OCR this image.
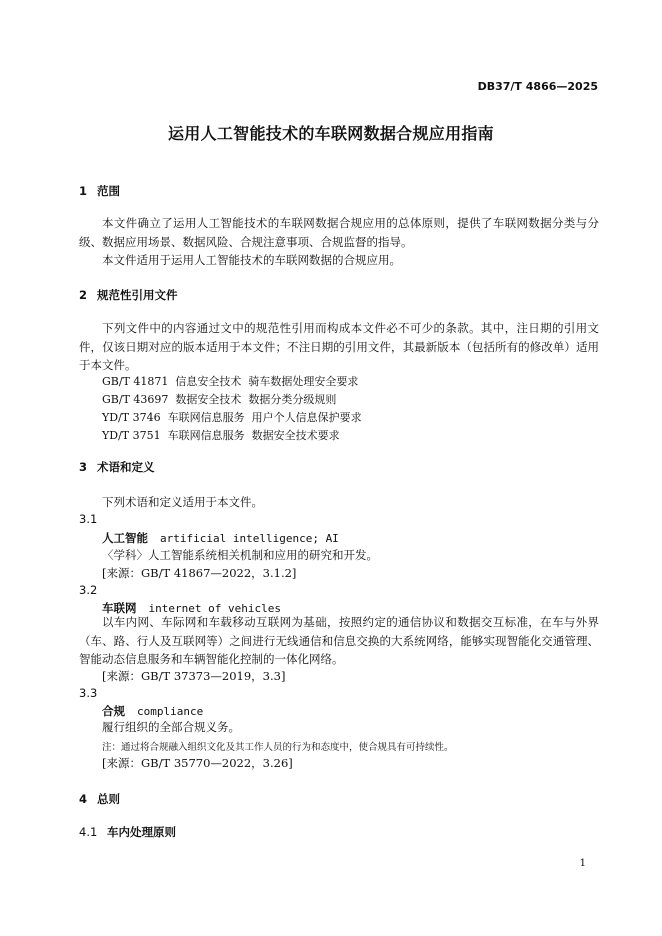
DB37/T 4866—2025
运用人工智能技术的车联网数据合规应用指南
1 范围
本文件确立了运用人工智能技术的车联网数据合规应用的总体原则，提供了车联网数据分类与分级、数据应用场景、数据风险、合规注意事项、合规监督的指导。
本文件适用于运用人工智能技术的车联网数据的合规应用。
2 规范性引用文件
下列文件中的内容通过文中的规范性引用而构成本文件必不可少的条款。其中，注日期的引用文件，仅该日期对应的版本适用于本文件；不注日期的引用文件，其最新版本（包括所有的修改单）适用于本文件。
GB/T 41871  信息安全技术  骑车数据处理安全要求
GB/T 43697  数据安全技术  数据分类分级规则
YD/T 3746  车联网信息服务  用户个人信息保护要求
YD/T 3751  车联网信息服务  数据安全技术要求
3 术语和定义
下列术语和定义适用于本文件。
3.1
人工智能 artificial intelligence; AI
〈学科〉人工智能系统相关机制和应用的研究和开发。
[来源：GB/T 41867—2022，3.1.2]
3.2
车联网 internet of vehicles
以车内网、车际网和车载移动互联网为基础，按照约定的通信协议和数据交互标准，在车与外界（车、路、行人及互联网等）之间进行无线通信和信息交换的大系统网络，能够实现智能化交通管理、智能动态信息服务和车辆智能化控制的一体化网络。
[来源：GB/T 37373—2019，3.3]
3.3
合规 compliance
履行组织的全部合规义务。
注：通过将合规融入组织文化及其工作人员的行为和态度中，使合规具有可持续性。
[来源：GB/T 35770—2022，3.26]
4 总则
4.1 车内处理原则
1
